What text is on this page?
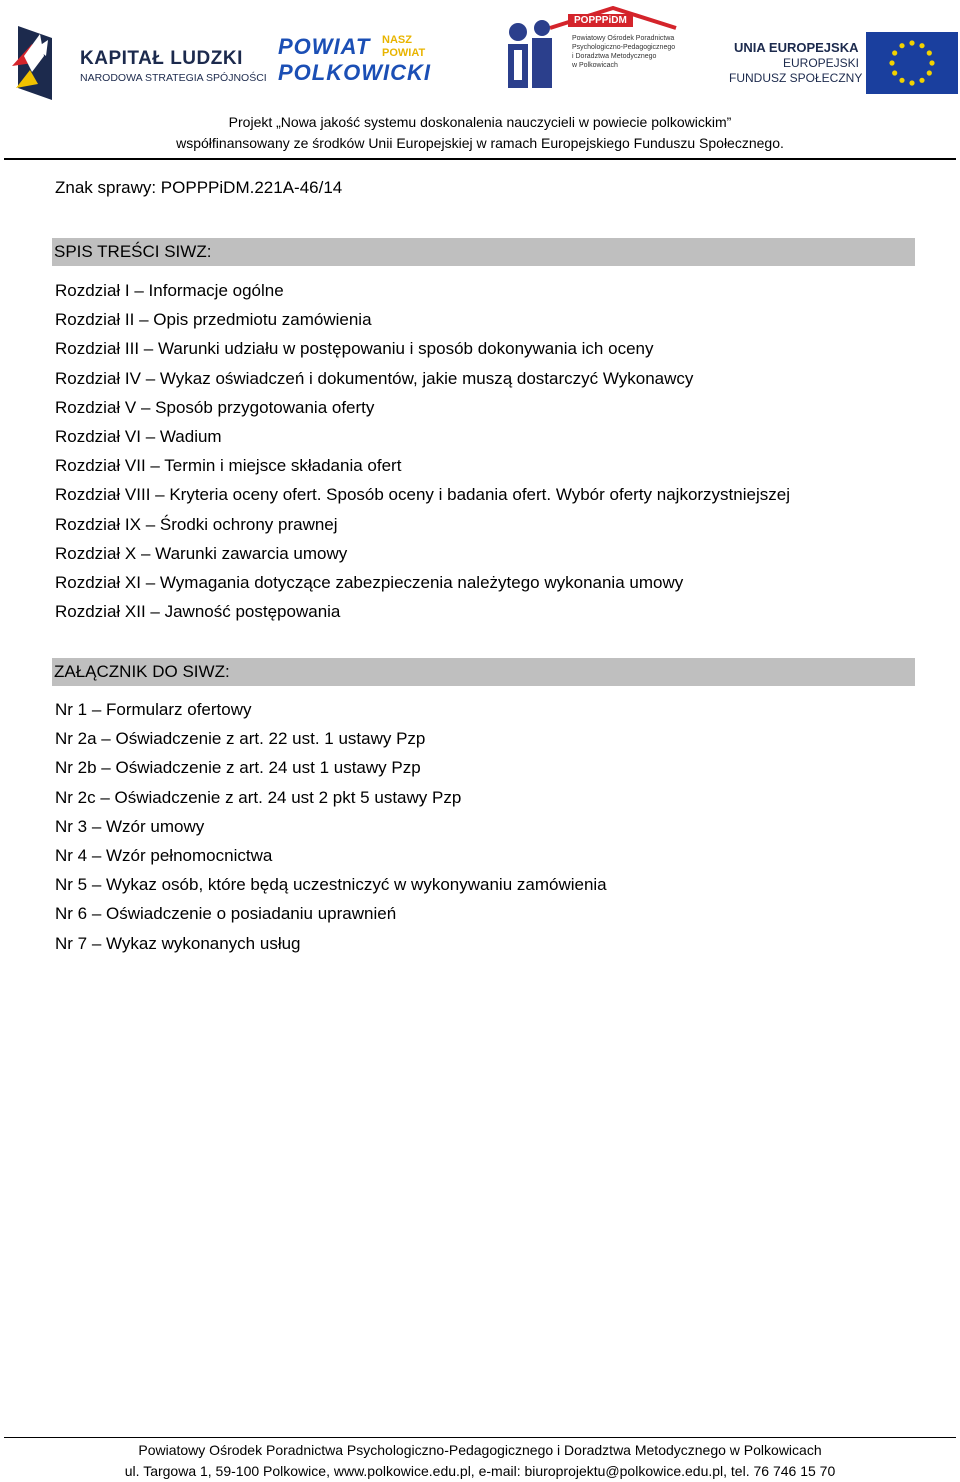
KAPITAŁ LUDZKI
NARODOWA STRATEGIA SPÓJNOŚCI
POWIAT
POLKOWICKI
NASZ POWIAT
POPPPiDM
Powiatowy Ośrodek Poradnictwa
Psychologiczno-Pedagogicznego
i Doradztwa Metodycznego
w Polkowicach
UNIA EUROPEJSKA
EUROPEJSKI
FUNDUSZ SPOŁECZNY
Projekt „Nowa jakość systemu doskonalenia nauczycieli w powiecie polkowickim”
współfinansowany ze środków Unii Europejskiej w ramach Europejskiego Funduszu Społecznego.
Znak sprawy: POPPPiDM.221A-46/14
SPIS TREŚCI SIWZ:
Rozdział I – Informacje ogólne
Rozdział II – Opis przedmiotu zamówienia
Rozdział III – Warunki udziału w postępowaniu i sposób dokonywania ich oceny
Rozdział IV – Wykaz oświadczeń i dokumentów, jakie muszą dostarczyć Wykonawcy
Rozdział V – Sposób przygotowania oferty
Rozdział VI – Wadium
Rozdział VII – Termin i miejsce składania ofert
Rozdział VIII – Kryteria oceny ofert. Sposób oceny i badania ofert. Wybór oferty najkorzystniejszej
Rozdział IX – Środki ochrony prawnej
Rozdział X – Warunki zawarcia umowy
Rozdział XI – Wymagania dotyczące zabezpieczenia należytego wykonania umowy
Rozdział XII – Jawność postępowania
ZAŁĄCZNIK DO SIWZ:
Nr 1 – Formularz ofertowy
Nr 2a – Oświadczenie z art. 22 ust. 1 ustawy Pzp
Nr 2b – Oświadczenie z art. 24 ust 1 ustawy Pzp
Nr 2c – Oświadczenie z art. 24 ust 2 pkt 5 ustawy Pzp
Nr 3 – Wzór umowy
Nr 4 – Wzór pełnomocnictwa
Nr 5 – Wykaz osób, które będą uczestniczyć w wykonywaniu zamówienia
Nr 6 – Oświadczenie o posiadaniu uprawnień
Nr 7 – Wykaz wykonanych usług
Powiatowy Ośrodek Poradnictwa Psychologiczno-Pedagogicznego i Doradztwa Metodycznego w Polkowicach
ul. Targowa 1, 59-100 Polkowice, www.polkowice.edu.pl, e-mail: biuroprojektu@polkowice.edu.pl, tel. 76 746 15 70
